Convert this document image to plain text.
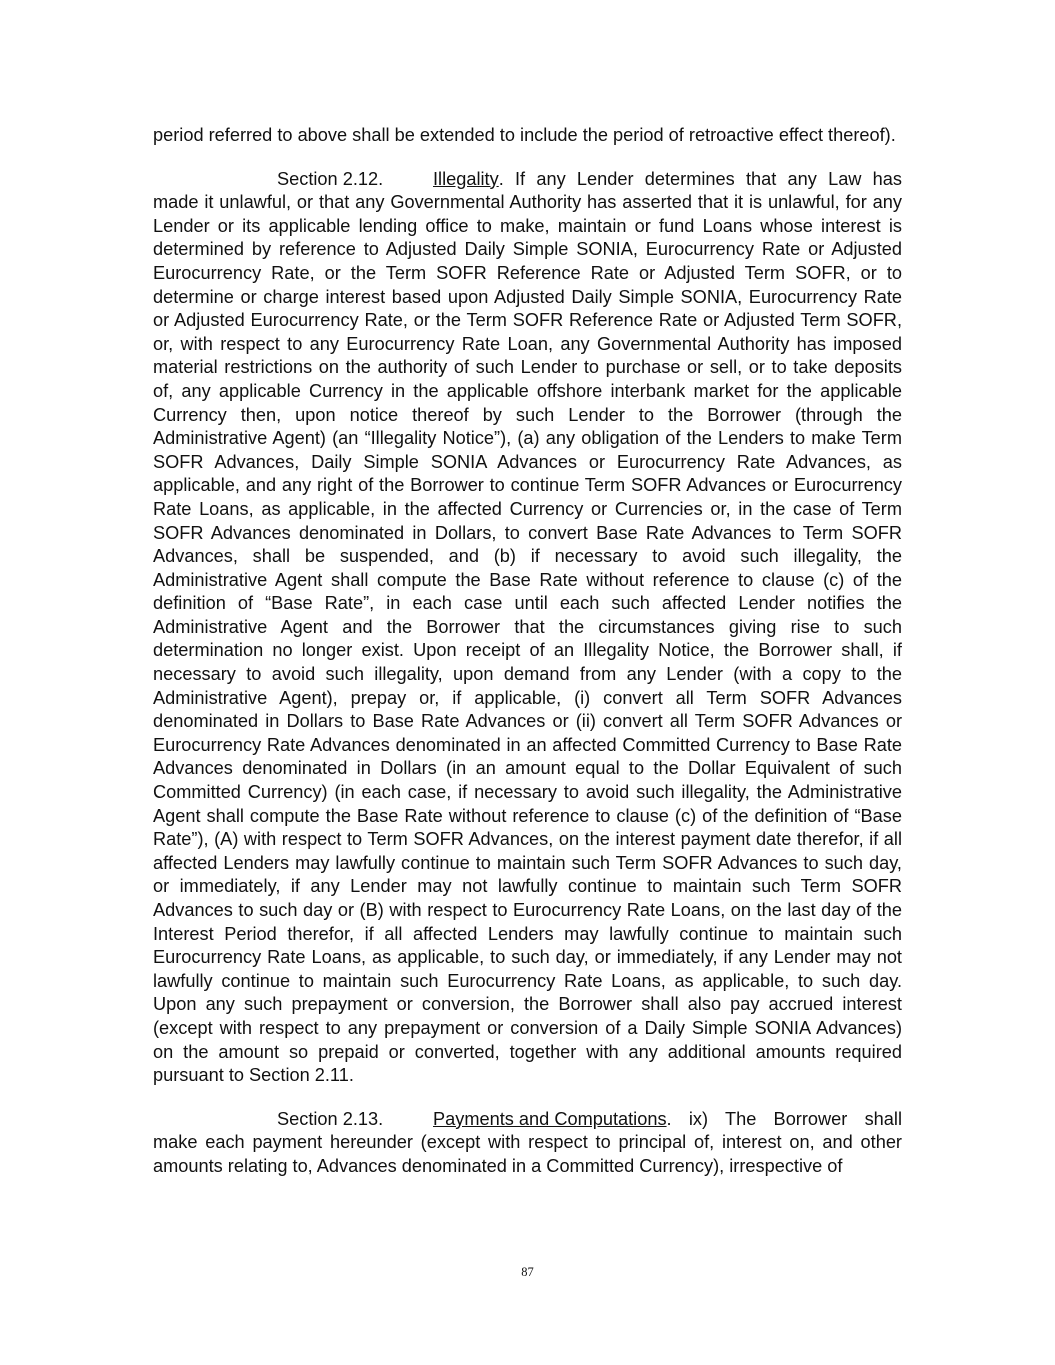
period referred to above shall be extended to include the period of retroactive effect thereof).

Section 2.12.	Illegality. If any Lender determines that any Law has made it unlawful, or that any Governmental Authority has asserted that it is unlawful, for any Lender or its applicable lending office to make, maintain or fund Loans whose interest is determined by reference to Adjusted Daily Simple SONIA, Eurocurrency Rate or Adjusted Eurocurrency Rate, or the Term SOFR Reference Rate or Adjusted Term SOFR, or to determine or charge interest based upon Adjusted Daily Simple SONIA, Eurocurrency Rate or Adjusted Eurocurrency Rate, or the Term SOFR Reference Rate or Adjusted Term SOFR, or, with respect to any Eurocurrency Rate Loan, any Governmental Authority has imposed material restrictions on the authority of such Lender to purchase or sell, or to take deposits of, any applicable Currency in the applicable offshore interbank market for the applicable Currency then, upon notice thereof by such Lender to the Borrower (through the Administrative Agent) (an “Illegality Notice”), (a) any obligation of the Lenders to make Term SOFR Advances, Daily Simple SONIA Advances or Eurocurrency Rate Advances, as applicable, and any right of the Borrower to continue Term SOFR Advances or Eurocurrency Rate Loans, as applicable, in the affected Currency or Currencies or, in the case of Term SOFR Advances denominated in Dollars, to convert Base Rate Advances to Term SOFR Advances, shall be suspended, and (b) if necessary to avoid such illegality, the Administrative Agent shall compute the Base Rate without reference to clause (c) of the definition of “Base Rate”, in each case until each such affected Lender notifies the Administrative Agent and the Borrower that the circumstances giving rise to such determination no longer exist. Upon receipt of an Illegality Notice, the Borrower shall, if necessary to avoid such illegality, upon demand from any Lender (with a copy to the Administrative Agent), prepay or, if applicable, (i) convert all Term SOFR Advances denominated in Dollars to Base Rate Advances or (ii) convert all Term SOFR Advances or Eurocurrency Rate Advances denominated in an affected Committed Currency to Base Rate Advances denominated in Dollars (in an amount equal to the Dollar Equivalent of such Committed Currency) (in each case, if necessary to avoid such illegality, the Administrative Agent shall compute the Base Rate without reference to clause (c) of the definition of “Base Rate”), (A) with respect to Term SOFR Advances, on the interest payment date therefor, if all affected Lenders may lawfully continue to maintain such Term SOFR Advances to such day, or immediately, if any Lender may not lawfully continue to maintain such Term SOFR Advances to such day or (B) with respect to Eurocurrency Rate Loans, on the last day of the Interest Period therefor, if all affected Lenders may lawfully continue to maintain such Eurocurrency Rate Loans, as applicable, to such day, or immediately, if any Lender may not lawfully continue to maintain such Eurocurrency Rate Loans, as applicable, to such day. Upon any such prepayment or conversion, the Borrower shall also pay accrued interest (except with respect to any prepayment or conversion of a Daily Simple SONIA Advances) on the amount so prepaid or converted, together with any additional amounts required pursuant to Section 2.11.

Section 2.13.	Payments and Computations. ix) The Borrower shall make each payment hereunder (except with respect to principal of, interest on, and other amounts relating to, Advances denominated in a Committed Currency), irrespective of

87
